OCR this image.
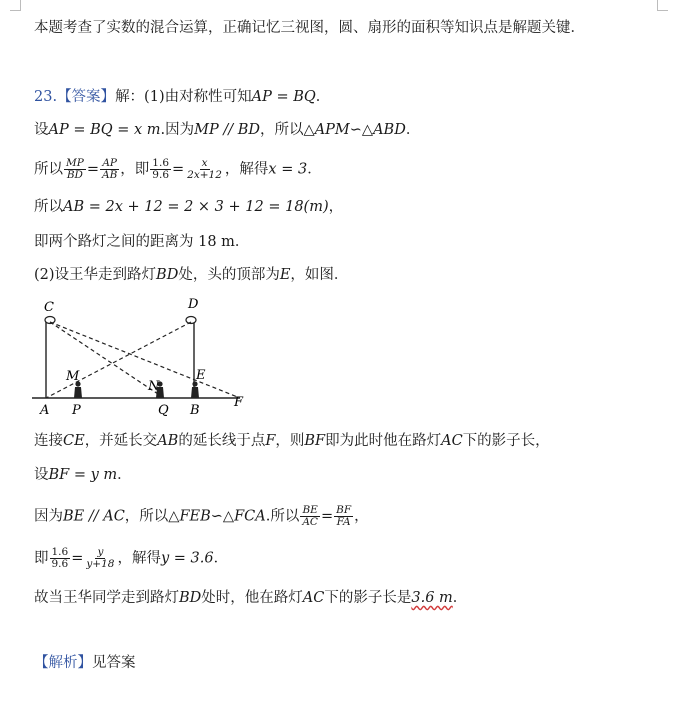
本题考查了实数的混合运算，正确记忆三视图，圆、扇形的面积等知识点是解题关键．
23.【答案】解：(1)由对称性可知AP = BQ．
设AP = BQ = x m.因为MP // BD，所以△APM∽△ABD．
所以 $\frac{MP}{BD} = \frac{AP}{AB}$ ，即 $\frac{1.6}{9.6} = \frac{x}{2x+12}$ ，解得x = 3．
所以AB = 2x + 12 = 2 × 3 + 12 = 18(m)，
即两个路灯之间的距离为 18 m．
(2)设王华走到路灯BD处，头的顶部为E，如图．
C	D
M
N
E
A P	Q B
F
连接CE，并延长交AB的延长线于点F，则BF即为此时他在路灯AC下的影子长，
设BF = y m．
因为BE // AC，所以△FEB∽△FCA.所以 $\frac{BE}{AC} = \frac{BF}{FA}$ ，
即 $\frac{1.6}{9.6} = \frac{y}{y+18}$ ，解得y = 3.6．
故当王华同学走到路灯BD处时，他在路灯AC下的影子长是3.6 m．
【解析】见答案
